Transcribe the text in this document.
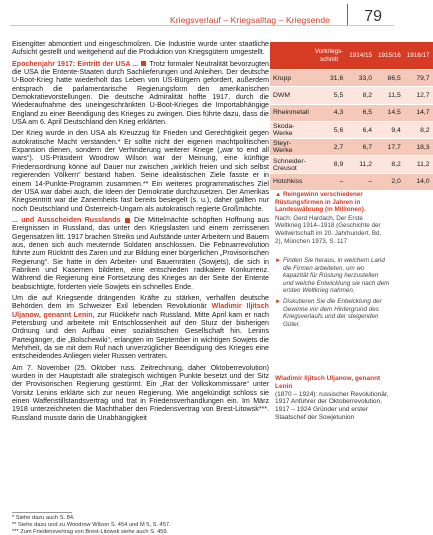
Kriegsverlauf – Kriegsalltag – Kriegsende 79

Eisengitter abmontiert und eingeschmolzen. Die Industrie wurde unter staatliche Aufsicht gestellt und weitgehend auf die Produktion von Kriegsgütern umgestellt.

Epochenjahr 1917: Eintritt der USA ... Trotz formaler Neutralität bevorzugten die USA die Entente-Staaten durch Sachlieferungen und Anleihen. Der deutsche U-Boot-Krieg hatte wiederholt das Leben von US-Bürgern gefordert, außerdem entsprach die parlamentarische Regierungsform den amerikanischen Demokratievorstellungen. Die deutsche Admiralität hoffte 1917, durch die Wiederaufnahme des uneingeschränkten U-Boot-Krieges die Importabhängige England zu einer Beendigung des Krieges zu zwingen. Dies führte dazu, dass die USA am 6. April Deutschland den Krieg erklärten.

Der Krieg wurde in den USA als Kreuzzug für Frieden und Gerechtigkeit gegen autokratische Macht verstanden.* Er sollte nicht der eigenen machtpolitischen Expansion dienen, sondern der Verhinderung weiterer Kriege („war to end all wars“). US-Präsident Woodrow Wilson war der Meinung, eine künftige Friedensordnung könne auf Dauer nur zwischen „wirklich freien und sich selbst regierenden Völkern“ bestand haben. Seine idealistischen Ziele fasste er in einem 14-Punkte-Programm zusammen.** Ein weiteres programmatisches Ziel der USA war dabei auch, die Ideen der Demokratie durchzusetzen. Der Amerikas Kriegseintritt war die Zanemheits fast bereits besiegelt (s. u.), daher gallten nur noch Deutschland und Österreich-Ungarn als autokratisch regierte Großmächte.

... und Ausscheiden Russlands Die Mittelmächte schöpften Hoffnung aus Ereignissen in Russland, das unter den Kriegslasten und einem zerrissenen Gegensatzen litt. 1917 brachen Streiks und Aufstände unter Arbeitern und Bauern aus, denen sich auch meuternde Soldaten anschlossen. Die Februarrevolution führte zum Rücktritt des Zaren und zur Bildung einer bürgerlichen „Provisorischen Regierung“. Sie hatte in den Arbeiter- und Bauernräten (Sowjets), die sich in Fabriken und Kasernen bildeten, eine entschieden radikalere Konkurrenz. Während die Regierung eine Fortsetzung des Krieges an der Seite der Entente beabsichtigte, forderten viele Sowjets ein schnelles Ende.

Um die auf Kriegsende drängenden Kräfte zu stärken, verhalfen deutsche Behörden dem im Schweizer Exil lebenden Revolutionär Wladimir Iljitsch Uljanow, genannt Lenin, zur Rückkehr nach Russland. Mitte April kam er nach Petersburg und arbeitete mit Entschlossenheit auf den Sturz der bisherigen Ordnung und den Aufbau einer sozialistischen Gesellschaft hin. Lenins Parteigänger, die „Bolschewiki“, erlangten im September in wichtigen Sowjets die Mehrheit, da sie mit dem Ruf nach unverzüglicher Beendigung des Krieges eine entscheidendes Anliegen vieler Russen vertraten.

Am 7. November (25. Oktober russ. Zeitrechnung, daher Oktoberrevolution) wurden in der Hauptstadt alle strategisch wichtigen Punkte besetzt und der Sitz der Provisorischen Regierung gestürmt. Ein „Rat der Volkskommissare“ unter Vorsitz Lenins erklärte sich zur neuen Regierung. Wie angekündigt schloss sie einen Waffenstillstandsvertrag und trat in Friedensverhandlungen ein. Im März 1918 unterzeichneten die Machthaber den Friedensvertrag von Brest-Litowsk***. Russland musste darin die Unabhängigkeit

	Vorkriegs-schnitt	1914/15	1915/16	1916/17
Krupp	31,6	33,0	86,5	79,7
DWM	5,5	8,2	11,5	12,7
Rheinmetall	4,3	6,5	14,5	14,7
Skoda-Werke	5,6	6,4	9,4	8,2
Steyr-Werke	2,7	6,7	17,7	18,3
Schneider-Creusot	8,9	11,2	8,2	11,2
Hotchkiss	–	–	2,0	14,0
▲ Reingewinn verschiedener Rüstungsfirmen in Jahren in Landeswährung (in Millionen).
Nach: Gerd Hardach, Der Erste Weltkrieg 1914–1918 (Geschichte der Weltwirtschaft im 20. Jahrhundert, Bd. 2), München 1973, S. 117
► Finden Sie heraus, in welchem Land die Firmen arbeiteten, um wo kapazität für Rüstung herzustellen und welche Entwicklung sie nach dem ersten Weltkrieg nahmen.
► Diskutieren Sie die Entwicklung der Gewinne vor dem Hintergrund des Kriegsverlaufs und der steigenden Güter.
Wladimir Iljitsch Uljanow, genannt Lenin
(1870 – 1924): russischer Revolutionär, 1917 Anführer der Oktoberrevolution, 1917 – 1924 Gründer und erster Staatschef der Sowjetunion
* Siehe dazu auch S. 84.
** Siehe dazu und zu Woodrow Wilson S. 454 und M 5, S. 457.
*** Zum Friedensvertrag von Brest-Litowsk siehe auch S. 459.
